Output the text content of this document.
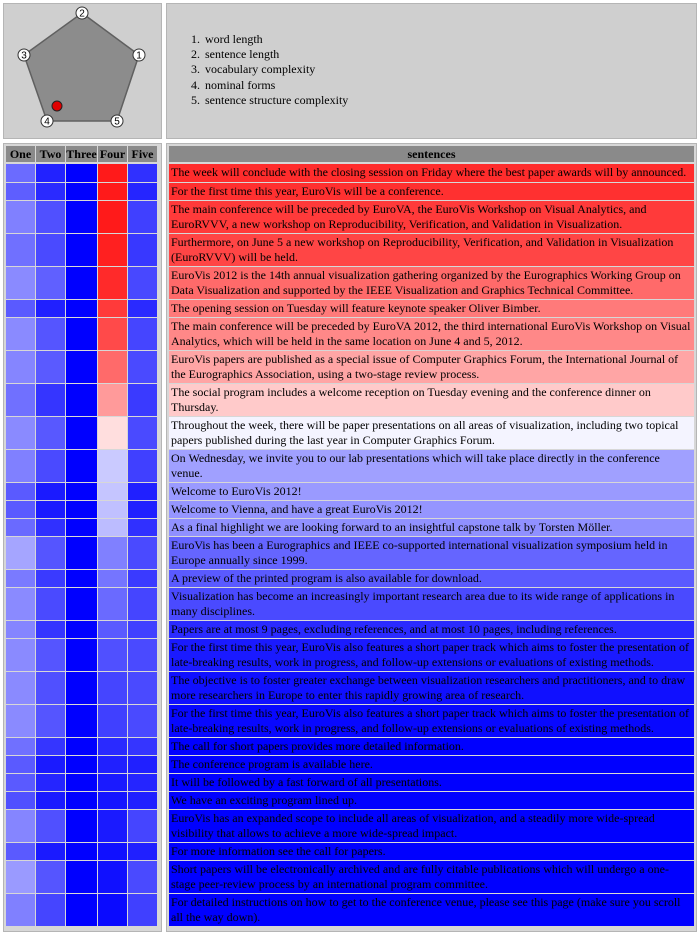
2
1
3
4	5
1. word length
2. sentence length
3. vocabulary complexity
4. nominal forms
5. sentence structure complexity
One Two Three Four Five	sentences
The week will conclude with the closing session on Friday where the best paper awards will by announced.
For the first time this year, EuroVis will be a conference.
The main conference will be preceded by EuroVA, the EuroVis Workshop on Visual Analytics, and EuroRVVV, a new workshop on Reproducibility, Verification, and Validation in Visualization.
Furthermore, on June 5 a new workshop on Reproducibility, Verification, and Validation in Visualization (EuroRVVV) will be held.
EuroVis 2012 is the 14th annual visualization gathering organized by the Eurographics Working Group on Data Visualization and supported by the IEEE Visualization and Graphics Technical Committee.
The opening session on Tuesday will feature keynote speaker Oliver Bimber.
The main conference will be preceded by EuroVA 2012, the third international EuroVis Workshop on Visual Analytics, which will be held in the same location on June 4 and 5, 2012.
EuroVis papers are published as a special issue of Computer Graphics Forum, the International Journal of the Eurographics Association, using a two-stage review process.
The social program includes a welcome reception on Tuesday evening and the conference dinner on Thursday.
Throughout the week, there will be paper presentations on all areas of visualization, including two topical papers published during the last year in Computer Graphics Forum.
On Wednesday, we invite you to our lab presentations which will take place directly in the conference venue.
Welcome to EuroVis 2012!
Welcome to Vienna, and have a great EuroVis 2012!
As a final highlight we are looking forward to an insightful capstone talk by Torsten Möller.
EuroVis has been a Eurographics and IEEE co-supported international visualization symposium held in Europe annually since 1999.
A preview of the printed program is also available for download.
Visualization has become an increasingly important research area due to its wide range of applications in many disciplines.
Papers are at most 9 pages, excluding references, and at most 10 pages, including references.
For the first time this year, EuroVis also features a short paper track which aims to foster the presentation of late-breaking results, work in progress, and follow-up extensions or evaluations of existing methods.
The objective is to foster greater exchange between visualization researchers and practitioners, and to draw more researchers in Europe to enter this rapidly growing area of research.
For the first time this year, EuroVis also features a short paper track which aims to foster the presentation of late-breaking results, work in progress, and follow-up extensions or evaluations of existing methods.
The call for short papers provides more detailed information.
The conference program is available here.
It will be followed by a fast forward of all presentations.
We have an exciting program lined up.
EuroVis has an expanded scope to include all areas of visualization, and a steadily more wide-spread visibility that allows to achieve a more wide-spread impact.
For more information see the call for papers.
Short papers will be electronically archived and are fully citable publications which will undergo a one-stage peer-review process by an international program committee.
For detailed instructions on how to get to the conference venue, please see this page (make sure you scroll all the way down).
